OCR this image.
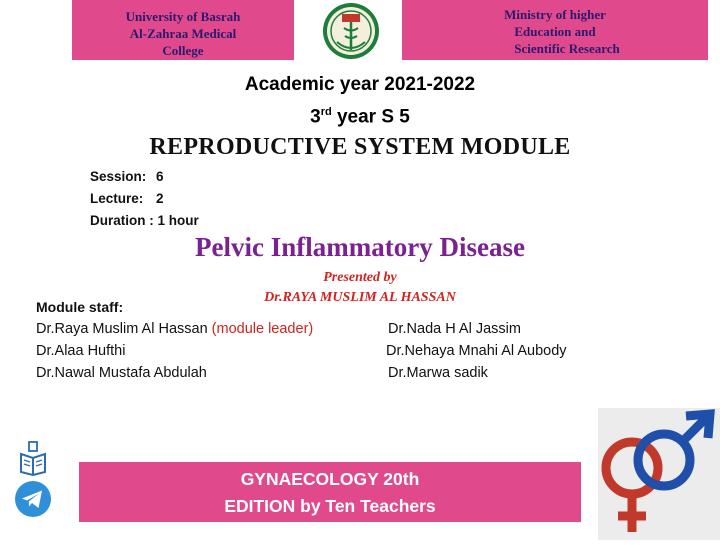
University of Basrah
Al-Zahraa Medical
College
Ministry of higher
Education and
Scientific Research
Academic year 2021-2022
3rd year S 5
REPRODUCTIVE SYSTEM MODULE
Session: 6
Lecture: 2
Duration : 1 hour
Pelvic Inflammatory Disease
Presented by
Dr.RAYA MUSLIM AL HASSAN
Module staff:
Dr.Raya Muslim Al Hassan (module leader)
Dr.Alaa Hufthi
Dr.Nawal Mustafa Abdulah
Dr.Nada H Al Jassim
Dr.Nehaya Mnahi Al Aubody
Dr.Marwa sadik
GYNAECOLOGY 20th
EDITION by Ten Teachers
